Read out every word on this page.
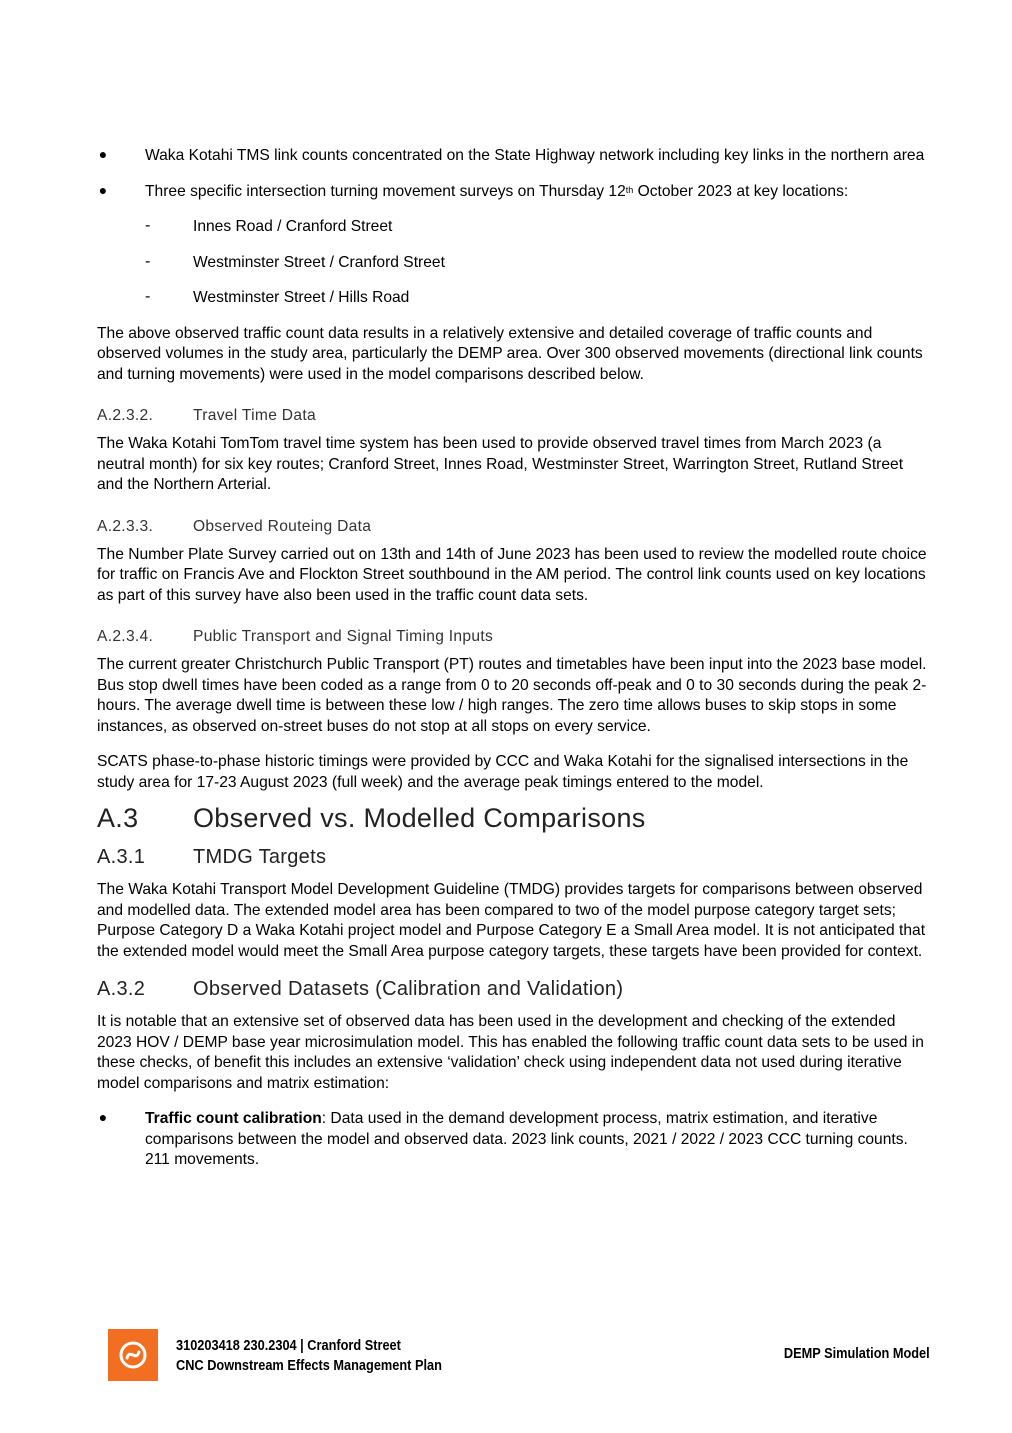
● Waka Kotahi TMS link counts concentrated on the State Highway network including key links in the northern area

● Three specific intersection turning movement surveys on Thursday 12th October 2023 at key locations:

-	Innes Road / Cranford Street

-	Westminster Street / Cranford Street

-	Westminster Street / Hills Road

The above observed traffic count data results in a relatively extensive and detailed coverage of traffic counts and observed volumes in the study area, particularly the DEMP area. Over 300 observed movements (directional link counts and turning movements) were used in the model comparisons described below.

A.2.3.2.	Travel Time Data

The Waka Kotahi TomTom travel time system has been used to provide observed travel times from March 2023 (a neutral month) for six key routes; Cranford Street, Innes Road, Westminster Street, Warrington Street, Rutland Street and the Northern Arterial.

A.2.3.3.	Observed Routeing Data

The Number Plate Survey carried out on 13th and 14th of June 2023 has been used to review the modelled route choice for traffic on Francis Ave and Flockton Street southbound in the AM period. The control link counts used on key locations as part of this survey have also been used in the traffic count data sets.

A.2.3.4.	Public Transport and Signal Timing Inputs

The current greater Christchurch Public Transport (PT) routes and timetables have been input into the 2023 base model. Bus stop dwell times have been coded as a range from 0 to 20 seconds off-peak and 0 to 30 seconds during the peak 2-hours. The average dwell time is between these low / high ranges. The zero time allows buses to skip stops in some instances, as observed on-street buses do not stop at all stops on every service.

SCATS phase-to-phase historic timings were provided by CCC and Waka Kotahi for the signalised intersections in the study area for 17-23 August 2023 (full week) and the average peak timings entered to the model.

A.3	Observed vs. Modelled Comparisons
A.3.1	TMDG Targets

The Waka Kotahi Transport Model Development Guideline (TMDG) provides targets for comparisons between observed and modelled data. The extended model area has been compared to two of the model purpose category target sets; Purpose Category D a Waka Kotahi project model and Purpose Category E a Small Area model. It is not anticipated that the extended model would meet the Small Area purpose category targets, these targets have been provided for context.

A.3.2	Observed Datasets (Calibration and Validation)

It is notable that an extensive set of observed data has been used in the development and checking of the extended 2023 HOV / DEMP base year microsimulation model. This has enabled the following traffic count data sets to be used in these checks, of benefit this includes an extensive ‘validation’ check using independent data not used during iterative model comparisons and matrix estimation:

● Traffic count calibration: Data used in the demand development process, matrix estimation, and iterative comparisons between the model and observed data. 2023 link counts, 2021 / 2022 / 2023 CCC turning counts. 211 movements.

310203418 230.2304 | Cranford Street
CNC Downstream Effects Management Plan
DEMP Simulation Model
